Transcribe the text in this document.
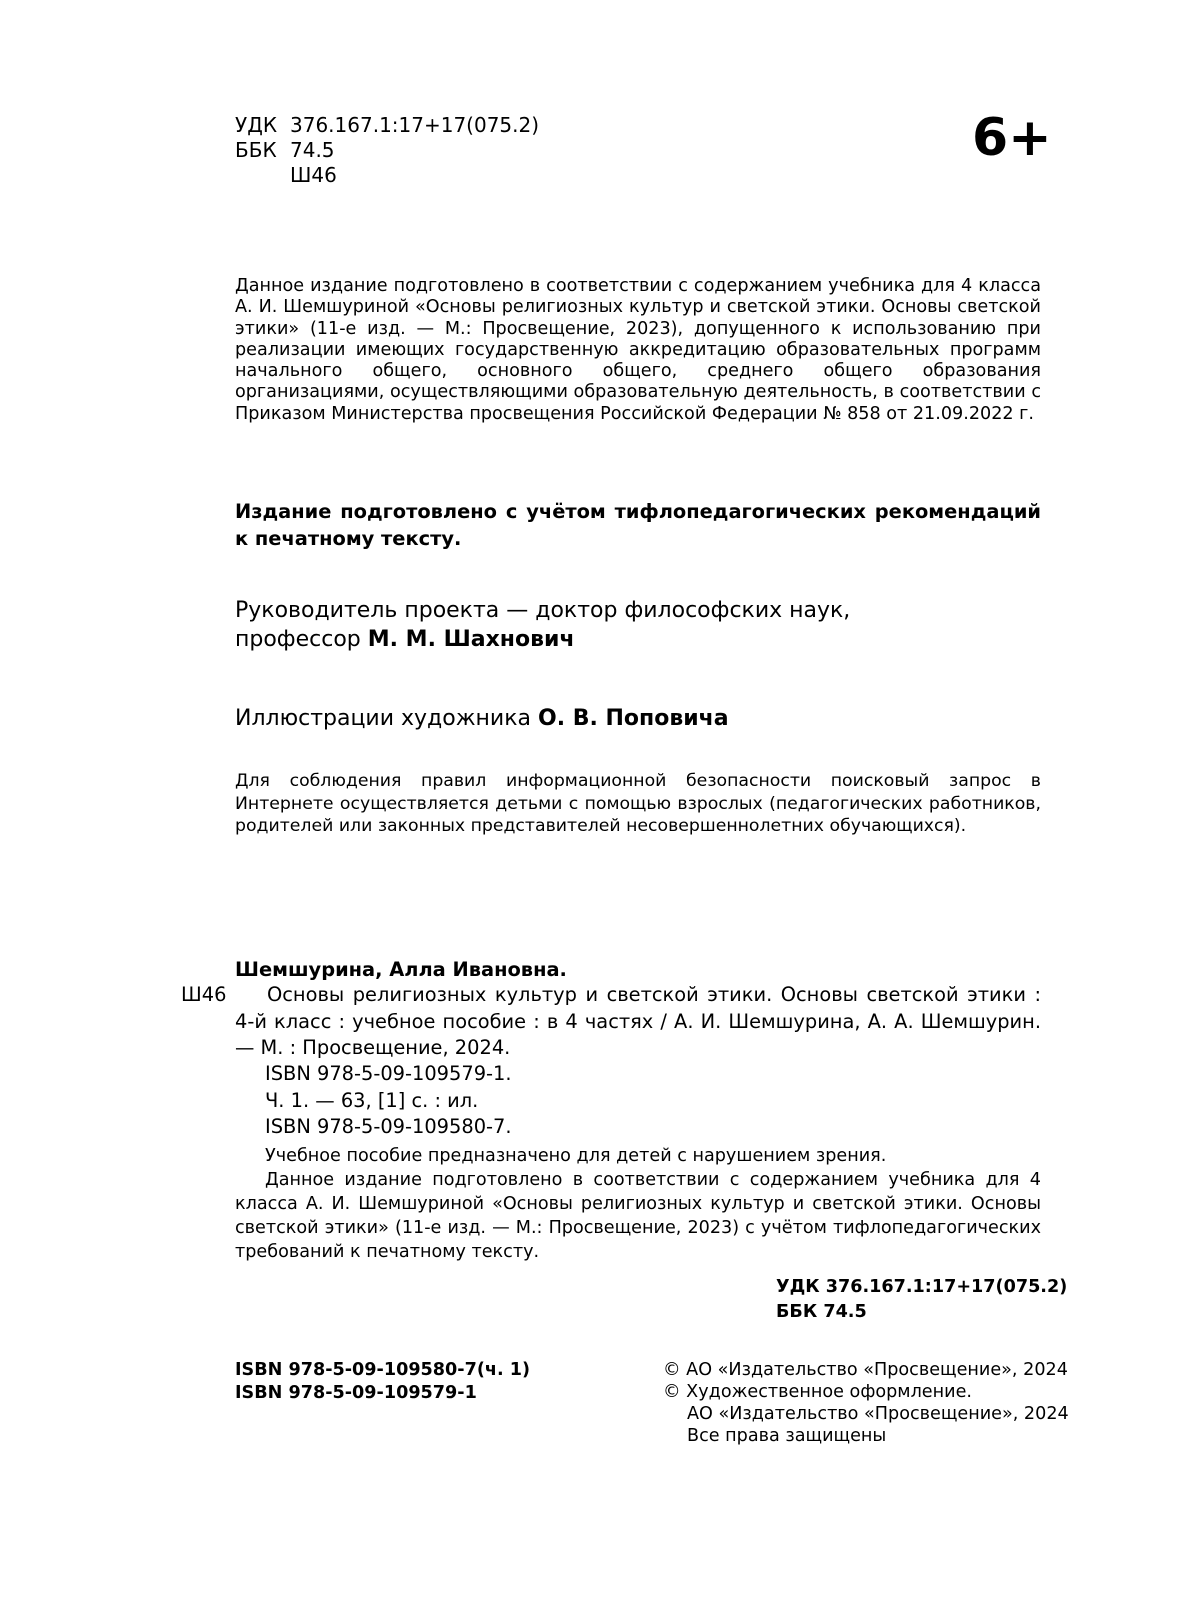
УДК 376.167.1:17+17(075.2)
ББК 74.5
Ш46
6+
Данное издание подготовлено в соответствии с содержанием учебника для 4 класса А. И. Шемшуриной «Основы религиозных культур и светской этики. Основы светской этики» (11-е изд. — М.: Просвещение, 2023), допущенного к использованию при реализации имеющих государственную аккредитацию образовательных программ начального общего, основного общего, среднего общего образования организациями, осуществляющими образовательную деятельность, в соответствии с Приказом Министерства просвещения Российской Федерации № 858 от 21.09.2022 г.
Издание подготовлено с учётом тифлопедагогических рекомендаций к печатному тексту.
Руководитель проекта — доктор философских наук,
профессор М. М. Шахнович
Иллюстрации художника О. В. Поповича
Для соблюдения правил информационной безопасности поисковый запрос в Интернете осуществляется детьми с помощью взрослых (педагогических работников, родителей или законных представителей несовершеннолетних обучающихся).
Шемшурина, Алла Ивановна.
Ш46	Основы религиозных культур и светской этики. Основы светской этики : 4-й класс : учебное пособие : в 4 частях / А. И. Шемшурина, А. А. Шемшурин. — М. : Просвещение, 2024.
ISBN 978-5-09-109579-1.
Ч. 1. — 63, [1] с. : ил.
ISBN 978-5-09-109580-7.
Учебное пособие предназначено для детей с нарушением зрения.
Данное издание подготовлено в соответствии с содержанием учебника для 4 класса А. И. Шемшуриной «Основы религиозных культур и светской этики. Основы светской этики» (11-е изд. — М.: Просвещение, 2023) с учётом тифлопедагогических требований к печатному тексту.
УДК 376.167.1:17+17(075.2)
ББК 74.5
ISBN 978-5-09-109580-7(ч. 1)
ISBN 978-5-09-109579-1
© АО «Издательство «Просвещение», 2024
© Художественное оформление.
АО «Издательство «Просвещение», 2024
Все права защищены
